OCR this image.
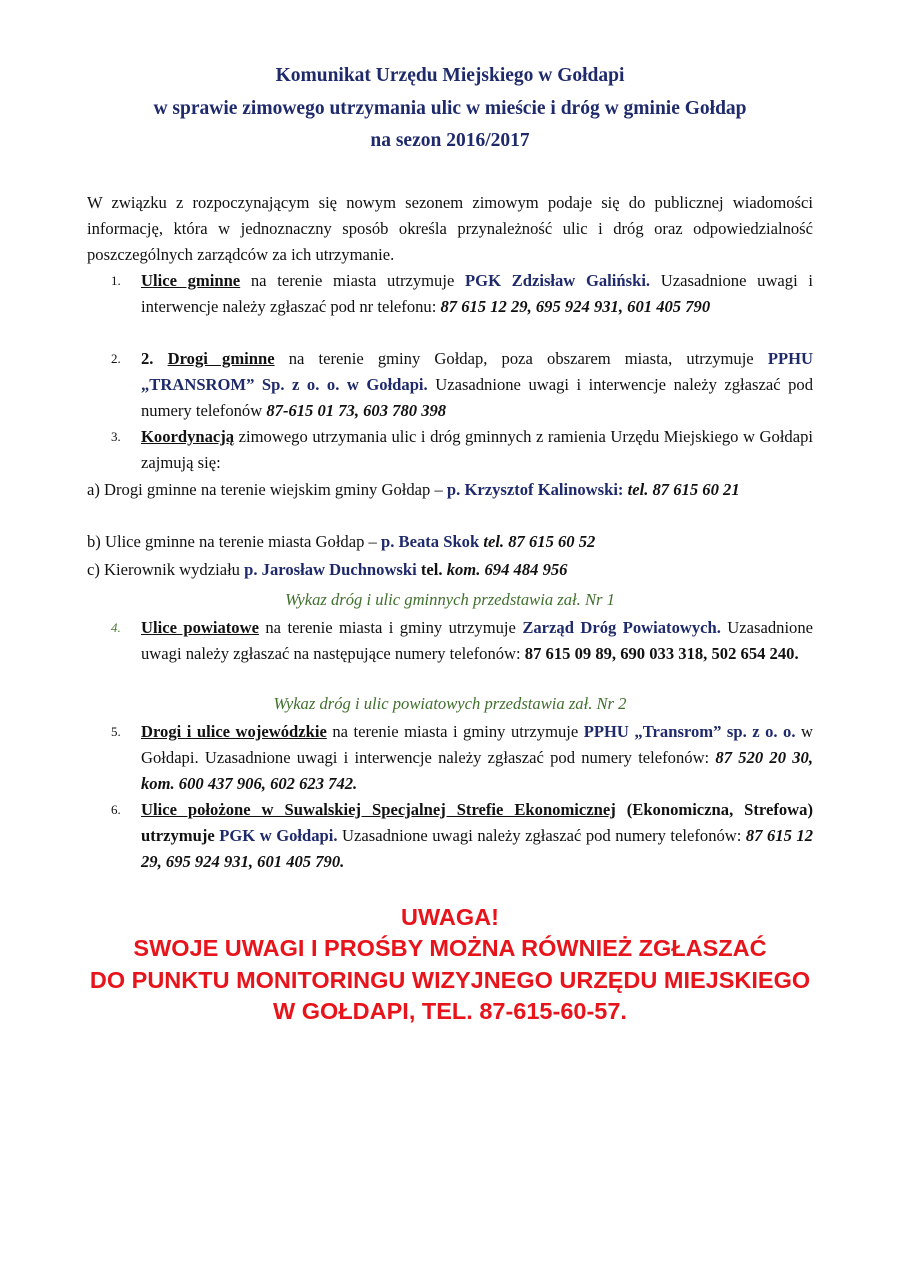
Komunikat Urzędu Miejskiego w Gołdapi
w sprawie zimowego utrzymania ulic w mieście i dróg w gminie Gołdap
na sezon 2016/2017
W związku z rozpoczynającym się nowym sezonem zimowym podaje się do publicznej wiadomości informację, która w jednoznaczny sposób określa przynależność ulic i dróg oraz odpowiedzialność poszczególnych zarządców za ich utrzymanie.
1.	Ulice gminne na terenie miasta utrzymuje PGK Zdzisław Galiński. Uzasadnione uwagi i interwencje należy zgłaszać pod nr telefonu: 87 615 12 29, 695 924 931, 601 405 790
2.	2. Drogi gminne na terenie gminy Gołdap, poza obszarem miasta, utrzymuje PPHU „TRANSROM” Sp. z o. o. w Gołdapi. Uzasadnione uwagi i interwencje należy zgłaszać pod numery telefonów 87-615 01 73, 603 780 398
3.	Koordynacją zimowego utrzymania ulic i dróg gminnych z ramienia Urzędu Miejskiego w Gołdapi zajmują się:
a) Drogi gminne na terenie wiejskim gminy Gołdap – p. Krzysztof Kalinowski: tel. 87 615 60 21
b) Ulice gminne na terenie miasta Gołdap – p. Beata Skok tel. 87 615 60 52
c) Kierownik wydziału p. Jarosław Duchnowski tel. kom. 694 484 956
Wykaz dróg i ulic gminnych przedstawia zał. Nr 1
4.	Ulice powiatowe na terenie miasta i gminy utrzymuje Zarząd Dróg Powiatowych. Uzasadnione uwagi należy zgłaszać na następujące numery telefonów: 87 615 09 89, 690 033 318, 502 654 240.
Wykaz dróg i ulic powiatowych przedstawia zał. Nr 2
5.	Drogi i ulice wojewódzkie na terenie miasta i gminy utrzymuje PPHU „Transrom” sp. z o. o. w Gołdapi. Uzasadnione uwagi i interwencje należy zgłaszać pod numery telefonów: 87 520 20 30, kom. 600 437 906, 602 623 742.
6.	Ulice położone w Suwalskiej Specjalnej Strefie Ekonomicznej (Ekonomiczna, Strefowa) utrzymuje PGK w Gołdapi. Uzasadnione uwagi należy zgłaszać pod numery telefonów: 87 615 12 29, 695 924 931, 601 405 790.
UWAGA!
SWOJE UWAGI I PROŚBY MOŻNA RÓWNIEŻ ZGŁASZAĆ
DO PUNKTU MONITORINGU WIZYJNEGO URZĘDU MIEJSKIEGO
W GOŁDAPI, TEL. 87-615-60-57.
